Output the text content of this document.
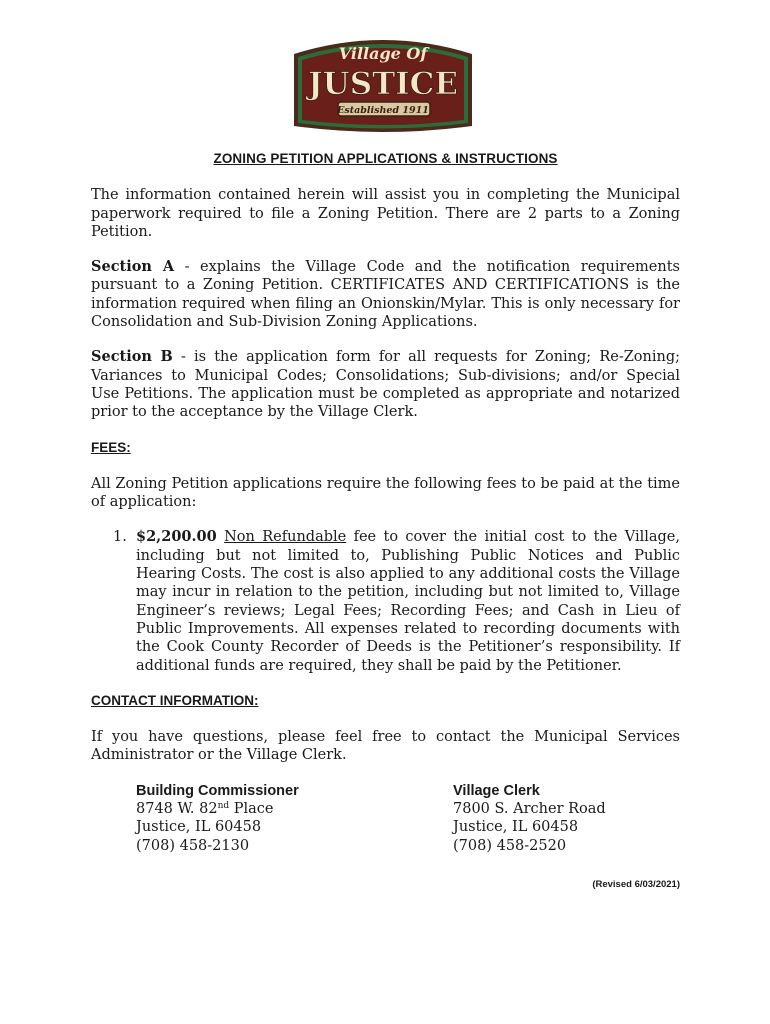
Village Of
JUSTICE
Established 1911
ZONING PETITION APPLICATIONS & INSTRUCTIONS

The information contained herein will assist you in completing the Municipal paperwork required to file a Zoning Petition. There are 2 parts to a Zoning Petition.

Section A - explains the Village Code and the notification requirements pursuant to a Zoning Petition. CERTIFICATES AND CERTIFICATIONS is the information required when filing an Onionskin/Mylar. This is only necessary for Consolidation and Sub-Division Zoning Applications.

Section B - is the application form for all requests for Zoning; Re-Zoning; Variances to Municipal Codes; Consolidations; Sub-divisions; and/or Special Use Petitions. The application must be completed as appropriate and notarized prior to the acceptance by the Village Clerk.

FEES:

All Zoning Petition applications require the following fees to be paid at the time of application:

1. $2,200.00 Non Refundable fee to cover the initial cost to the Village, including but not limited to, Publishing Public Notices and Public Hearing Costs. The cost is also applied to any additional costs the Village may incur in relation to the petition, including but not limited to, Village Engineer’s reviews; Legal Fees; Recording Fees; and Cash in Lieu of Public Improvements. All expenses related to recording documents with the Cook County Recorder of Deeds is the Petitioner’s responsibility. If additional funds are required, they shall be paid by the Petitioner.
CONTACT INFORMATION:

If you have questions, please feel free to contact the Municipal Services Administrator or the Village Clerk.

Building Commissioner
8748 W. 82nd Place
Justice, IL 60458
(708) 458-2130
Village Clerk
7800 S. Archer Road
Justice, IL 60458
(708) 458-2520
(Revised 6/03/2021)
